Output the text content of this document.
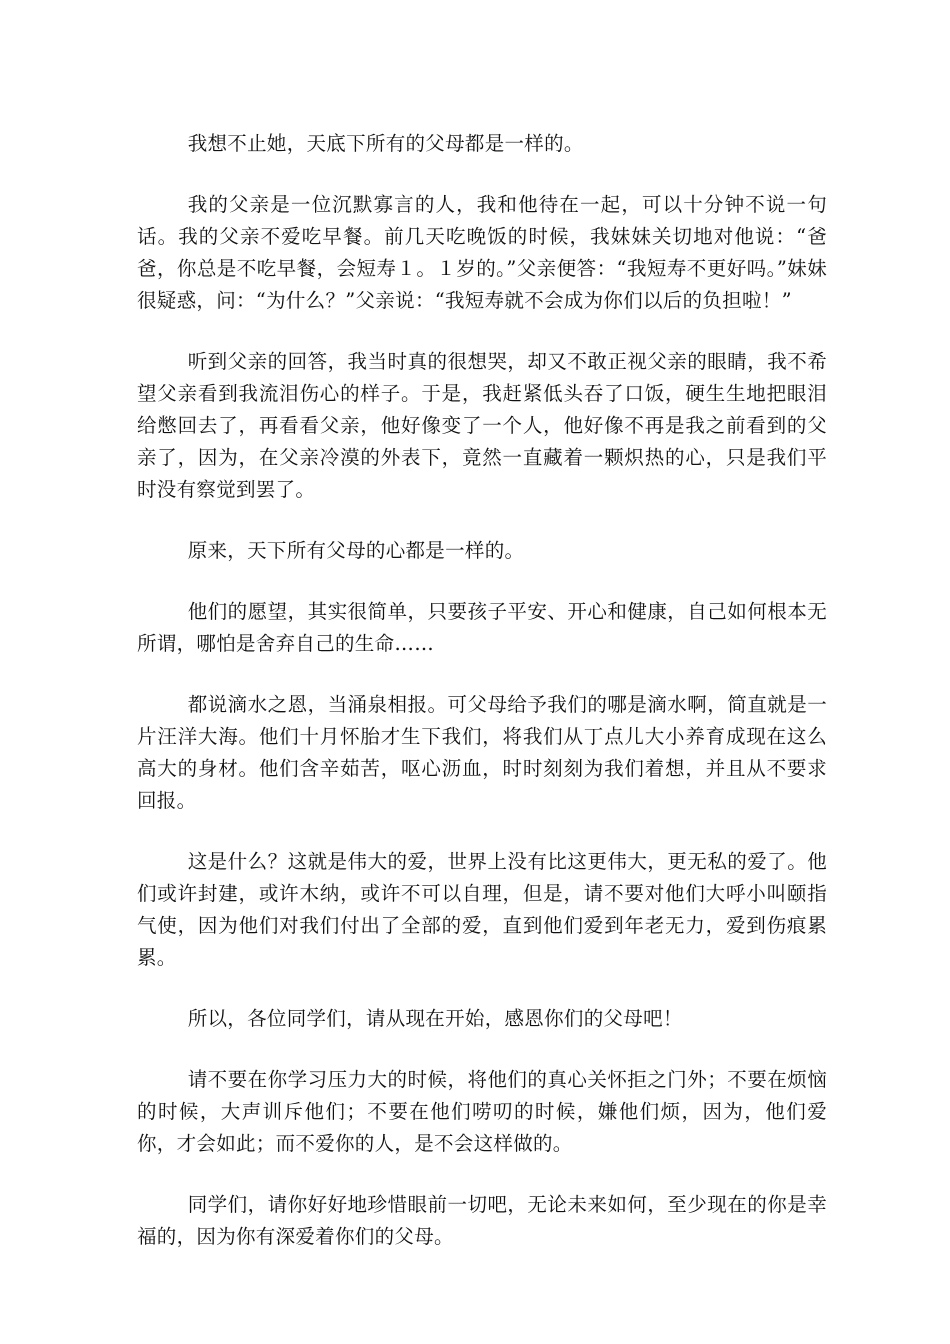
我想不止她，天底下所有的父母都是一样的。

我的父亲是一位沉默寡言的人，我和他待在一起，可以十分钟不说一句话。我的父亲不爱吃早餐。前几天吃晚饭的时候，我妹妹关切地对他说：“爸爸，你总是不吃早餐，会短寿１。１岁的。”父亲便答：“我短寿不更好吗。”妹妹很疑惑，问：“为什么？”父亲说：“我短寿就不会成为你们以后的负担啦！”

听到父亲的回答，我当时真的很想哭，却又不敢正视父亲的眼睛，我不希望父亲看到我流泪伤心的样子。于是，我赶紧低头吞了口饭，硬生生地把眼泪给憋回去了，再看看父亲，他好像变了一个人，他好像不再是我之前看到的父亲了，因为，在父亲冷漠的外表下，竟然一直藏着一颗炽热的心，只是我们平时没有察觉到罢了。

原来，天下所有父母的心都是一样的。

他们的愿望，其实很简单，只要孩子平安、开心和健康，自己如何根本无所谓，哪怕是舍弃自己的生命……

都说滴水之恩，当涌泉相报。可父母给予我们的哪是滴水啊，简直就是一片汪洋大海。他们十月怀胎才生下我们，将我们从丁点儿大小养育成现在这么高大的身材。他们含辛茹苦，呕心沥血，时时刻刻为我们着想，并且从不要求回报。

这是什么？这就是伟大的爱，世界上没有比这更伟大，更无私的爱了。他们或许封建，或许木纳，或许不可以自理，但是，请不要对他们大呼小叫颐指气使，因为他们对我们付出了全部的爱，直到他们爱到年老无力，爱到伤痕累累。

所以，各位同学们，请从现在开始，感恩你们的父母吧！

请不要在你学习压力大的时候，将他们的真心关怀拒之门外；不要在烦恼的时候，大声训斥他们；不要在他们唠叨的时候，嫌他们烦，因为，他们爱你，才会如此；而不爱你的人，是不会这样做的。

同学们，请你好好地珍惜眼前一切吧，无论未来如何，至少现在的你是幸福的，因为你有深爱着你们的父母。
